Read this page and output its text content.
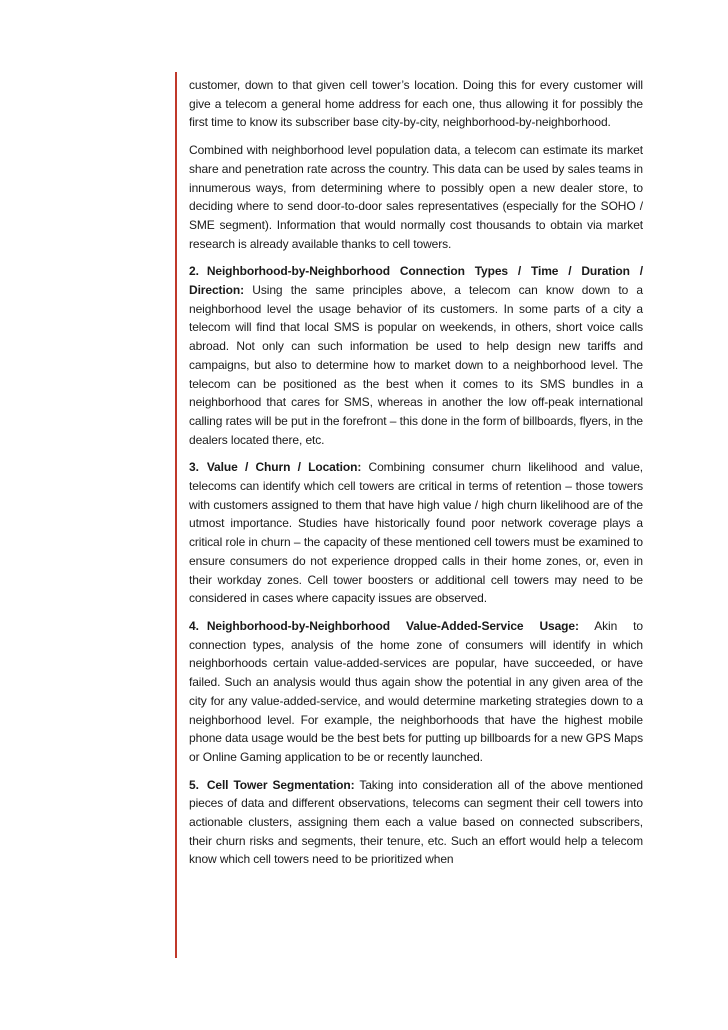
customer, down to that given cell tower’s location. Doing this for every customer will give a telecom a general home address for each one, thus allowing it for possibly the first time to know its subscriber base city-by-city, neighborhood-by-neighborhood.

Combined with neighborhood level population data, a telecom can estimate its market share and penetration rate across the country. This data can be used by sales teams in innumerous ways, from determining where to possibly open a new dealer store, to deciding where to send door-to-door sales representatives (especially for the SOHO / SME segment). Information that would normally cost thousands to obtain via market research is already available thanks to cell towers.

2. Neighborhood-by-Neighborhood Connection Types / Time / Duration / Direction: Using the same principles above, a telecom can know down to a neighborhood level the usage behavior of its customers. In some parts of a city a telecom will find that local SMS is popular on weekends, in others, short voice calls abroad. Not only can such information be used to help design new tariffs and campaigns, but also to determine how to market down to a neighborhood level. The telecom can be positioned as the best when it comes to its SMS bundles in a neighborhood that cares for SMS, whereas in another the low off-peak international calling rates will be put in the forefront – this done in the form of billboards, flyers, in the dealers located there, etc.

3. Value / Churn / Location: Combining consumer churn likelihood and value, telecoms can identify which cell towers are critical in terms of retention – those towers with customers assigned to them that have high value / high churn likelihood are of the utmost importance. Studies have historically found poor network coverage plays a critical role in churn – the capacity of these mentioned cell towers must be examined to ensure consumers do not experience dropped calls in their home zones, or, even in their workday zones. Cell tower boosters or additional cell towers may need to be considered in cases where capacity issues are observed.

4. Neighborhood-by-Neighborhood Value-Added-Service Usage: Akin to connection types, analysis of the home zone of consumers will identify in which neighborhoods certain value-added-services are popular, have succeeded, or have failed. Such an analysis would thus again show the potential in any given area of the city for any value-added-service, and would determine marketing strategies down to a neighborhood level. For example, the neighborhoods that have the highest mobile phone data usage would be the best bets for putting up billboards for a new GPS Maps or Online Gaming application to be or recently launched.

5. Cell Tower Segmentation: Taking into consideration all of the above mentioned pieces of data and different observations, telecoms can segment their cell towers into actionable clusters, assigning them each a value based on connected subscribers, their churn risks and segments, their tenure, etc. Such an effort would help a telecom know which cell towers need to be prioritized when
